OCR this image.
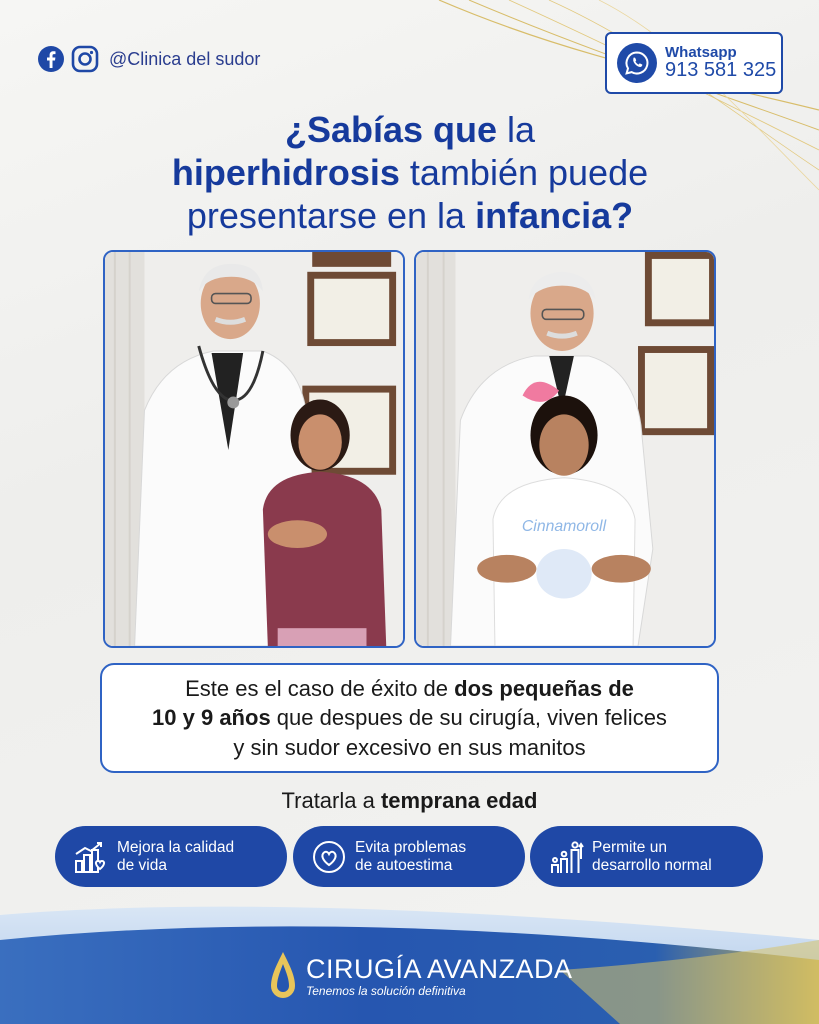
@Clinica del sudor	Whatsapp
913 581 325
¿Sabías que la
hiperhidrosis también puede
presentarse en la infancia?
Cinnamoroll
Este es el caso de éxito de dos pequeñas de
10 y 9 años que despues de su cirugía, viven felices
y sin sudor excesivo en sus manitos
Tratarla a temprana edad
Mejora la calidad
de vida
Evita problemas
de autoestima
Permite un
desarrollo normal
CIRUGÍA AVANZADA
Tenemos la solución definitiva
